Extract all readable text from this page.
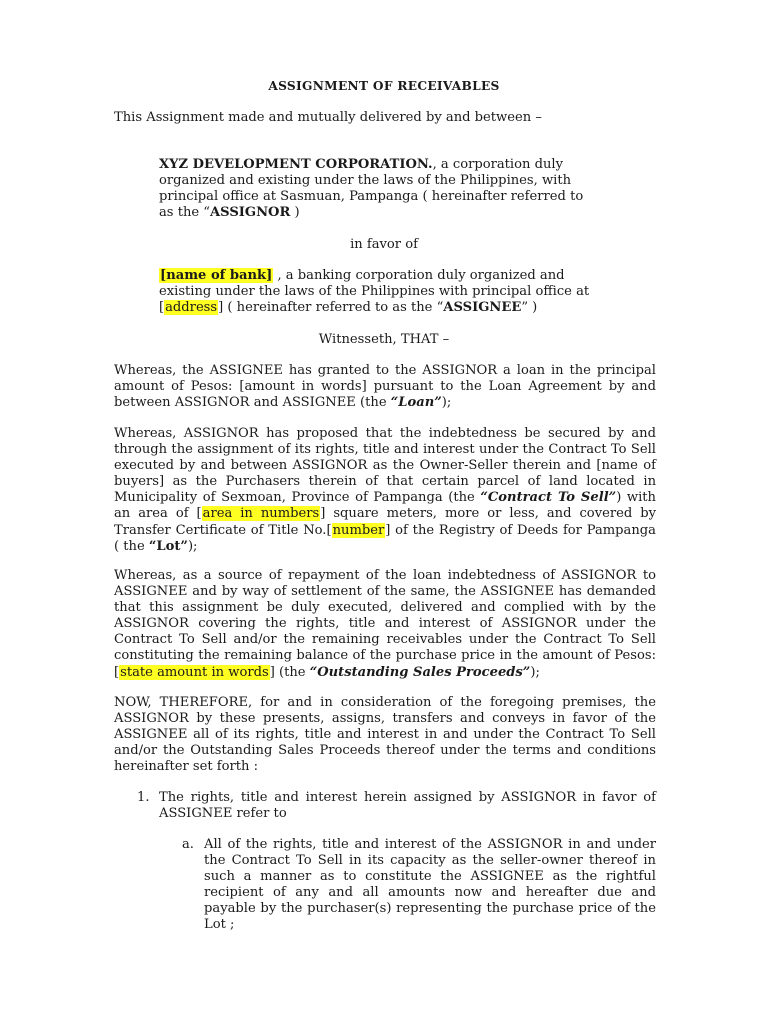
ASSIGNMENT OF RECEIVABLES
This Assignment made and mutually delivered by and between –
XYZ DEVELOPMENT CORPORATION., a corporation duly organized and existing under the laws of the Philippines, with principal office at Sasmuan, Pampanga ( hereinafter referred to as the “ASSIGNOR )
in favor of
[name of bank] , a banking corporation duly organized and existing under the laws of the Philippines with principal office at [address] ( hereinafter referred to as the “ASSIGNEE” )
Witnesseth, THAT –
Whereas, the ASSIGNEE has granted to the ASSIGNOR a loan in the principal amount of Pesos: [amount in words] pursuant to the Loan Agreement by and between ASSIGNOR and ASSIGNEE (the “Loan”);
Whereas, ASSIGNOR has proposed that the indebtedness be secured by and through the assignment of its rights, title and interest under the Contract To Sell executed by and between ASSIGNOR as the Owner-Seller therein and [name of buyers] as the Purchasers therein of that certain parcel of land located in Municipality of Sexmoan, Province of Pampanga (the “Contract To Sell”) with an area of [area in numbers] square meters, more or less, and covered by Transfer Certificate of Title No.[number] of the Registry of Deeds for Pampanga ( the “Lot”);
Whereas, as a source of repayment of the loan indebtedness of ASSIGNOR to ASSIGNEE and by way of settlement of the same, the ASSIGNEE has demanded that this assignment be duly executed, delivered and complied with by the ASSIGNOR covering the rights, title and interest of ASSIGNOR under the Contract To Sell and/or the remaining receivables under the Contract To Sell constituting the remaining balance of the purchase price in the amount of Pesos: [state amount in words] (the “Outstanding Sales Proceeds”);
NOW, THEREFORE, for and in consideration of the foregoing premises, the ASSIGNOR by these presents, assigns, transfers and conveys in favor of the ASSIGNEE all of its rights, title and interest in and under the Contract To Sell and/or the Outstanding Sales Proceeds thereof under the terms and conditions hereinafter set forth :
1. The rights, title and interest herein assigned by ASSIGNOR in favor of ASSIGNEE refer to
a. All of the rights, title and interest of the ASSIGNOR in and under the Contract To Sell in its capacity as the seller-owner thereof in such a manner as to constitute the ASSIGNEE as the rightful recipient of any and all amounts now and hereafter due and payable by the purchaser(s) representing the purchase price of the Lot ;
